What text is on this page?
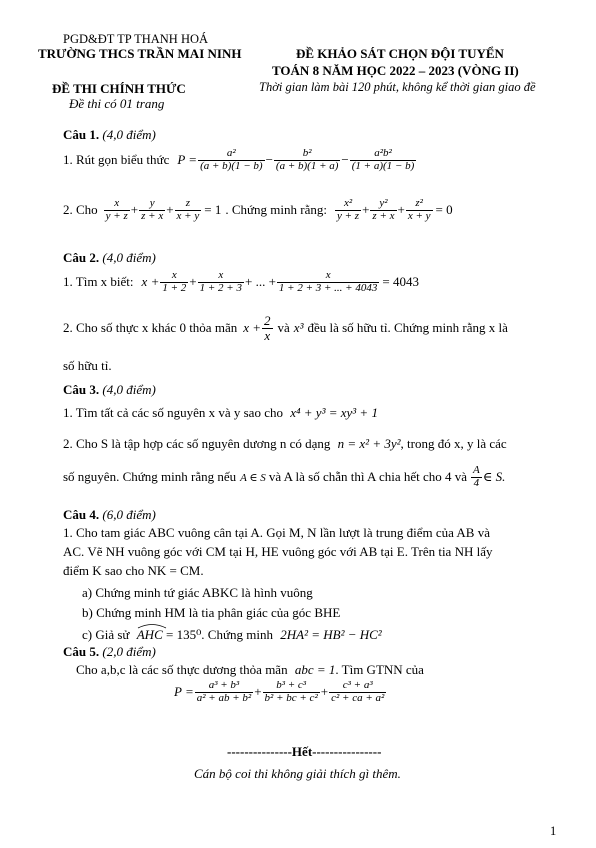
PGD&ĐT TP THANH HOÁ
TRƯỜNG THCS TRẦN MAI NINH
ĐỀ THI CHÍNH THỨC
Đề thi có 01 trang
ĐỀ KHẢO SÁT CHỌN ĐỘI TUYỂN
TOÁN 8 NĂM HỌC 2022 – 2023 (VÒNG II)
Thời gian làm bài 120 phút, không kể thời gian giao đề
Câu 1. (4,0 điểm)
1. Rút gọn biểu thức $P = \frac{\text{a²}}{(a + b)(1 - b)} - \frac{\text{b²}}{(a + b)(1 + a)} - \frac{\text{a²b²}}{(1 + a)(1 - b)}$
2. Cho $\frac{x}{y + z} + \frac{y}{z + x} + \frac{z}{x + y} = 1$ . Chứng minh rằng: $\frac{\text{x²}}{y + z} + \frac{\text{y²}}{z + x} + \frac{\text{z²}}{x + y} = 0$
Câu 2. (4,0 điểm)
1. Tìm x biết: $x + \frac{x}{1 + 2} + \frac{x}{1 + 2 + 3}$ + ... + $\frac{x}{1 + 2 + 3 + ... + 4043} = 4043$
2. Cho số thực x khác 0 thỏa mãn $x + \frac{2}{x}$ và x³ đều là số hữu tỉ. Chứng minh rằng x là
số hữu tỉ.
Câu 3. (4,0 điểm)
1. Tìm tất cả các số nguyên x và y sao cho x⁴ + y³ = xy³ + 1
2. Cho S là tập hợp các số nguyên dương n có dạng n = x² + 3y², trong đó x, y là các
số nguyên. Chứng minh rằng nếu A ∈ S và A là số chẵn thì A chia hết cho 4 và $\frac{A}{4}$ ∈ S.
Câu 4. (6,0 điểm)
1. Cho tam giác ABC vuông cân tại A. Gọi M, N lần lượt là trung điểm của AB và
AC. Vẽ NH vuông góc với CM tại H, HE vuông góc với AB tại E. Trên tia NH lấy
điểm K sao cho NK = CM.
a) Chứng minh tứ giác ABKC là hình vuông
b) Chứng minh HM là tia phân giác của góc BHE
c) Giả sử AHC = 135⁰. Chứng minh 2HA² = HB² − HC²
Câu 5. (2,0 điểm)
Cho a,b,c là các số thực dương thỏa mãn abc = 1. Tìm GTNN của
$P = \frac{\text{a³ + b³}}{\text{a² + ab + b²}} + \frac{\text{b³ + c³}}{\text{b² + bc + c²}} + \frac{\text{c³ + a³}}{\text{c² + ca + a²}}$
---------------Hết----------------
Cán bộ coi thi không giải thích gì thêm.
1
